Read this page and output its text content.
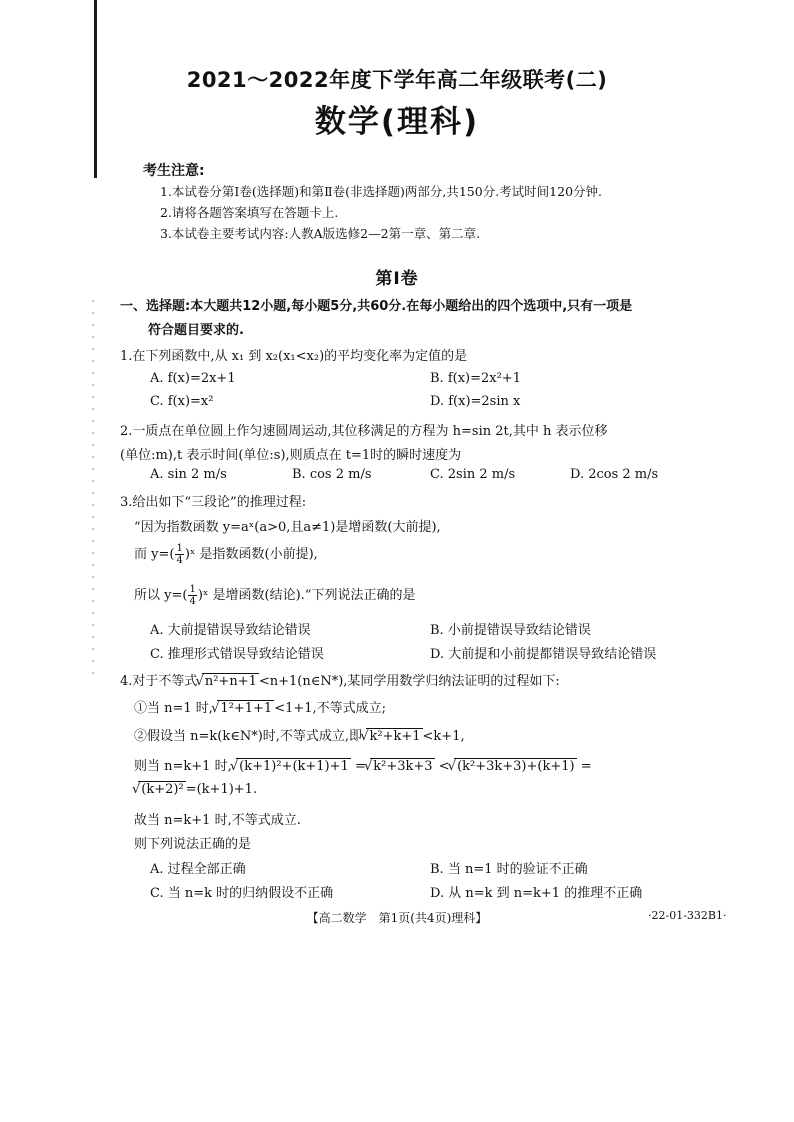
2021～2022年度下学年高二年级联考(二)
数学(理科)
考生注意:
1.本试卷分第Ⅰ卷(选择题)和第Ⅱ卷(非选择题)两部分,共150分.考试时间120分钟.
2.请将各题答案填写在答题卡上.
3.本试卷主要考试内容:人教A版选修2—2第一章、第二章.
第Ⅰ卷
一、选择题:本大题共12小题,每小题5分,共60分.在每小题给出的四个选项中,只有一项是
符合题目要求的.
1.在下列函数中,从 x₁ 到 x₂(x₁<x₂)的平均变化率为定值的是
A. f(x)=2x+1	B. f(x)=2x²+1
C. f(x)=x²	D. f(x)=2sin x
2.一质点在单位圆上作匀速圆周运动,其位移满足的方程为 h=sin 2t,其中 h 表示位移
(单位:m),t 表示时间(单位:s),则质点在 t=1时的瞬时速度为
A. sin 2 m/s	B. cos 2 m/s	C. 2sin 2 m/s	D. 2cos 2 m/s
3.给出如下“三段论”的推理过程:
“因为指数函数 y=aˣ(a>0,且a≠1)是增函数(大前提),
而 $y=( \frac{1}{4}$ )ˣ 是指数函数(小前提),
所以 $y=( \frac{1}{4}$ )ˣ 是增函数(结论).”下列说法正确的是
A. 大前提错误导致结论错误	B. 小前提错误导致结论错误
C. 推理形式错误导致结论错误	D. 大前提和小前提都错误导致结论错误
4.对于不等式 √ n²+n+1 <n+1(n∈N*),某同学用数学归纳法证明的过程如下:
①当 n=1 时, √ 1²+1+1 <1+1,不等式成立;
②假设当 n=k(k∈N*)时,不等式成立,即 √ k²+k+1 <k+1,
则当 n=k+1 时, √ (k+1)²+(k+1)+1 = √ k²+3k+3 < √ (k²+3k+3)+(k+1) =
√ (k+2)² =(k+1)+1.
故当 n=k+1 时,不等式成立.
则下列说法正确的是
A. 过程全部正确	B. 当 n=1 时的验证不正确
C. 当 n=k 时的归纳假设不正确	D. 从 n=k 到 n=k+1 的推理不正确
【高二数学　第1页(共4页)理科】	·22-01-332B1·
